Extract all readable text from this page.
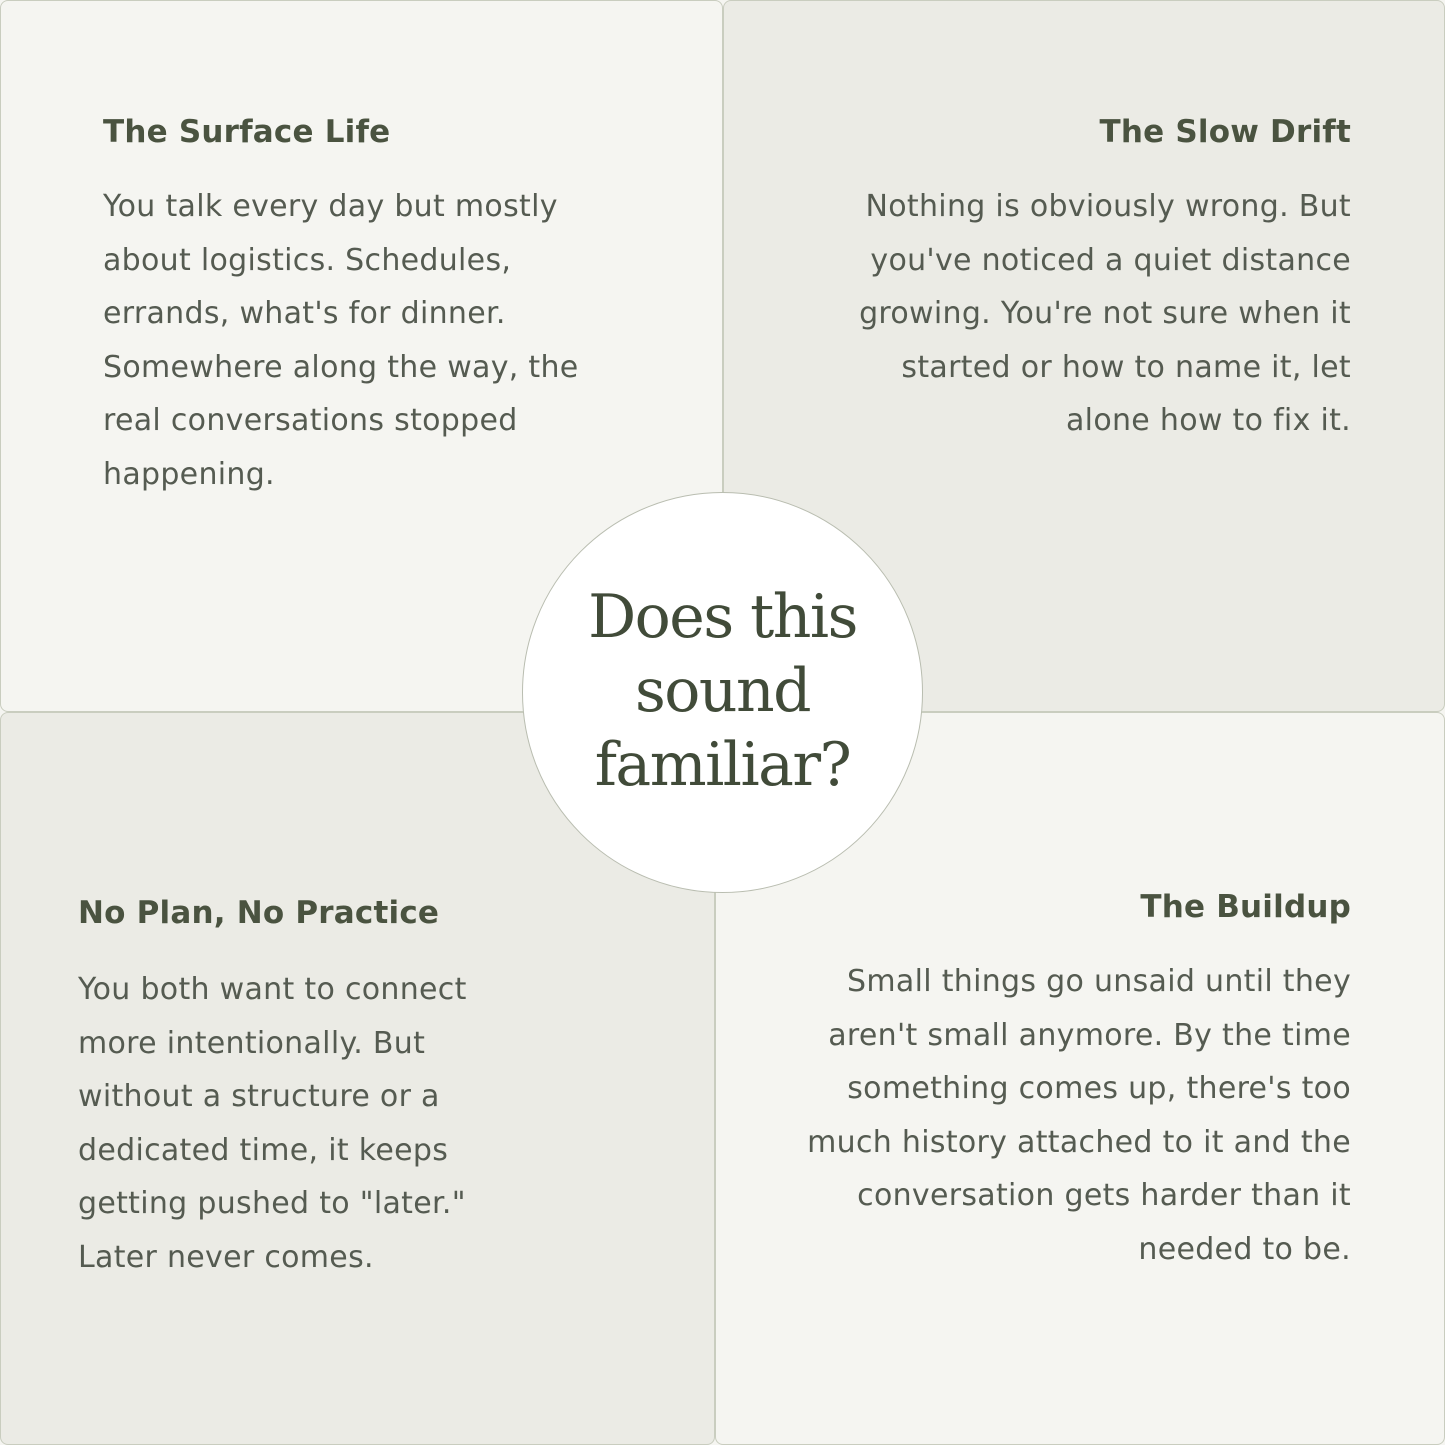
The Surface Life

You talk every day but mostly about logistics. Schedules, errands, what's for dinner. Somewhere along the way, the real conversations stopped happening.

The Slow Drift

Nothing is obviously wrong. But you've noticed a quiet distance growing. You're not sure when it started or how to name it, let alone how to fix it.

No Plan, No Practice

You both want to connect more intentionally. But without a structure or a dedicated time, it keeps getting pushed to "later." Later never comes.

The Buildup

Small things go unsaid until they aren't small anymore. By the time something comes up, there's too much history attached to it and the conversation gets harder than it needed to be.

Does this sound familiar?
